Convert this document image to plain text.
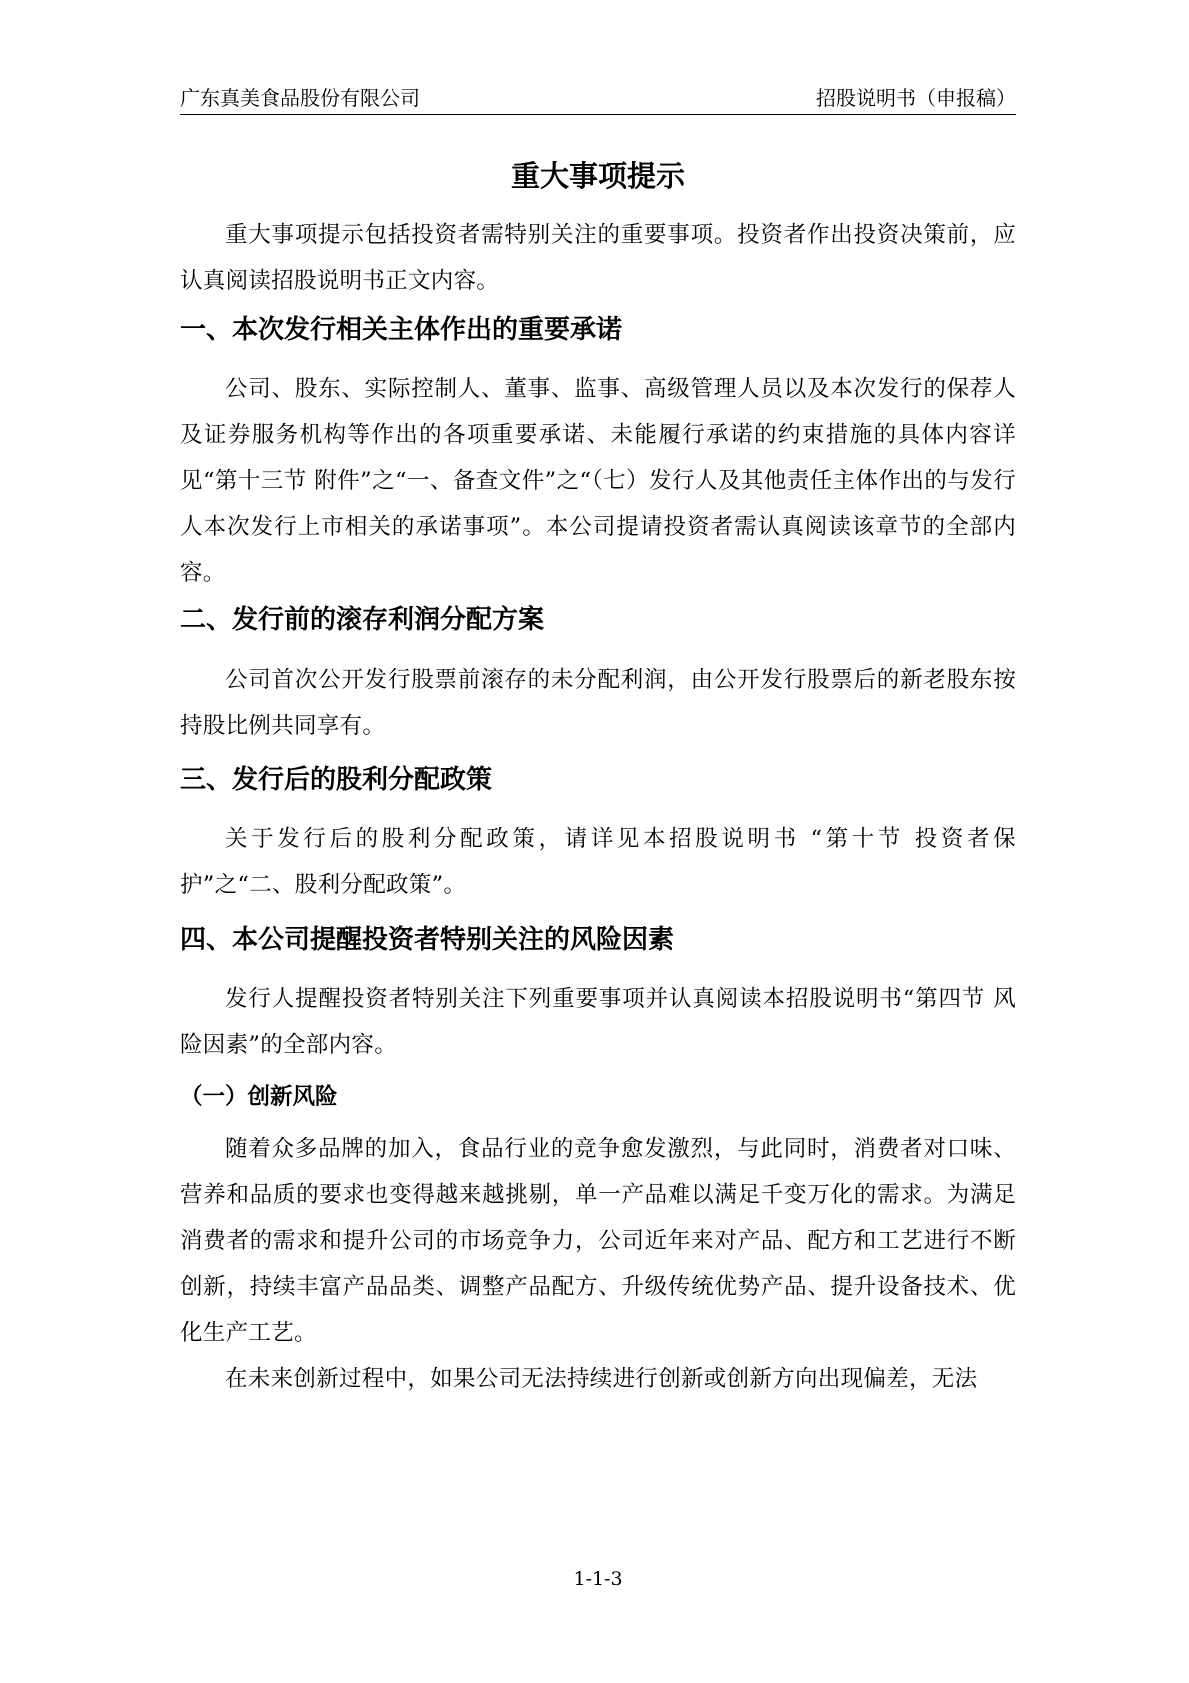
广东真美食品股份有限公司	招股说明书（申报稿）
重大事项提示
重大事项提示包括投资者需特别关注的重要事项。投资者作出投资决策前，应认真阅读招股说明书正文内容。
一、本次发行相关主体作出的重要承诺
公司、股东、实际控制人、董事、监事、高级管理人员以及本次发行的保荐人及证券服务机构等作出的各项重要承诺、未能履行承诺的约束措施的具体内容详见“第十三节 附件”之“一、备查文件”之“（七）发行人及其他责任主体作出的与发行人本次发行上市相关的承诺事项”。本公司提请投资者需认真阅读该章节的全部内容。
二、发行前的滚存利润分配方案
公司首次公开发行股票前滚存的未分配利润，由公开发行股票后的新老股东按持股比例共同享有。
三、发行后的股利分配政策
关于发行后的股利分配政策，请详见本招股说明书 “第十节 投资者保护”之“二、股利分配政策”。
四、本公司提醒投资者特别关注的风险因素
发行人提醒投资者特别关注下列重要事项并认真阅读本招股说明书“第四节 风险因素”的全部内容。
（一）创新风险
随着众多品牌的加入，食品行业的竞争愈发激烈，与此同时，消费者对口味、营养和品质的要求也变得越来越挑剔，单一产品难以满足千变万化的需求。为满足消费者的需求和提升公司的市场竞争力，公司近年来对产品、配方和工艺进行不断创新，持续丰富产品品类、调整产品配方、升级传统优势产品、提升设备技术、优化生产工艺。
在未来创新过程中，如果公司无法持续进行创新或创新方向出现偏差，无法
1-1-3
